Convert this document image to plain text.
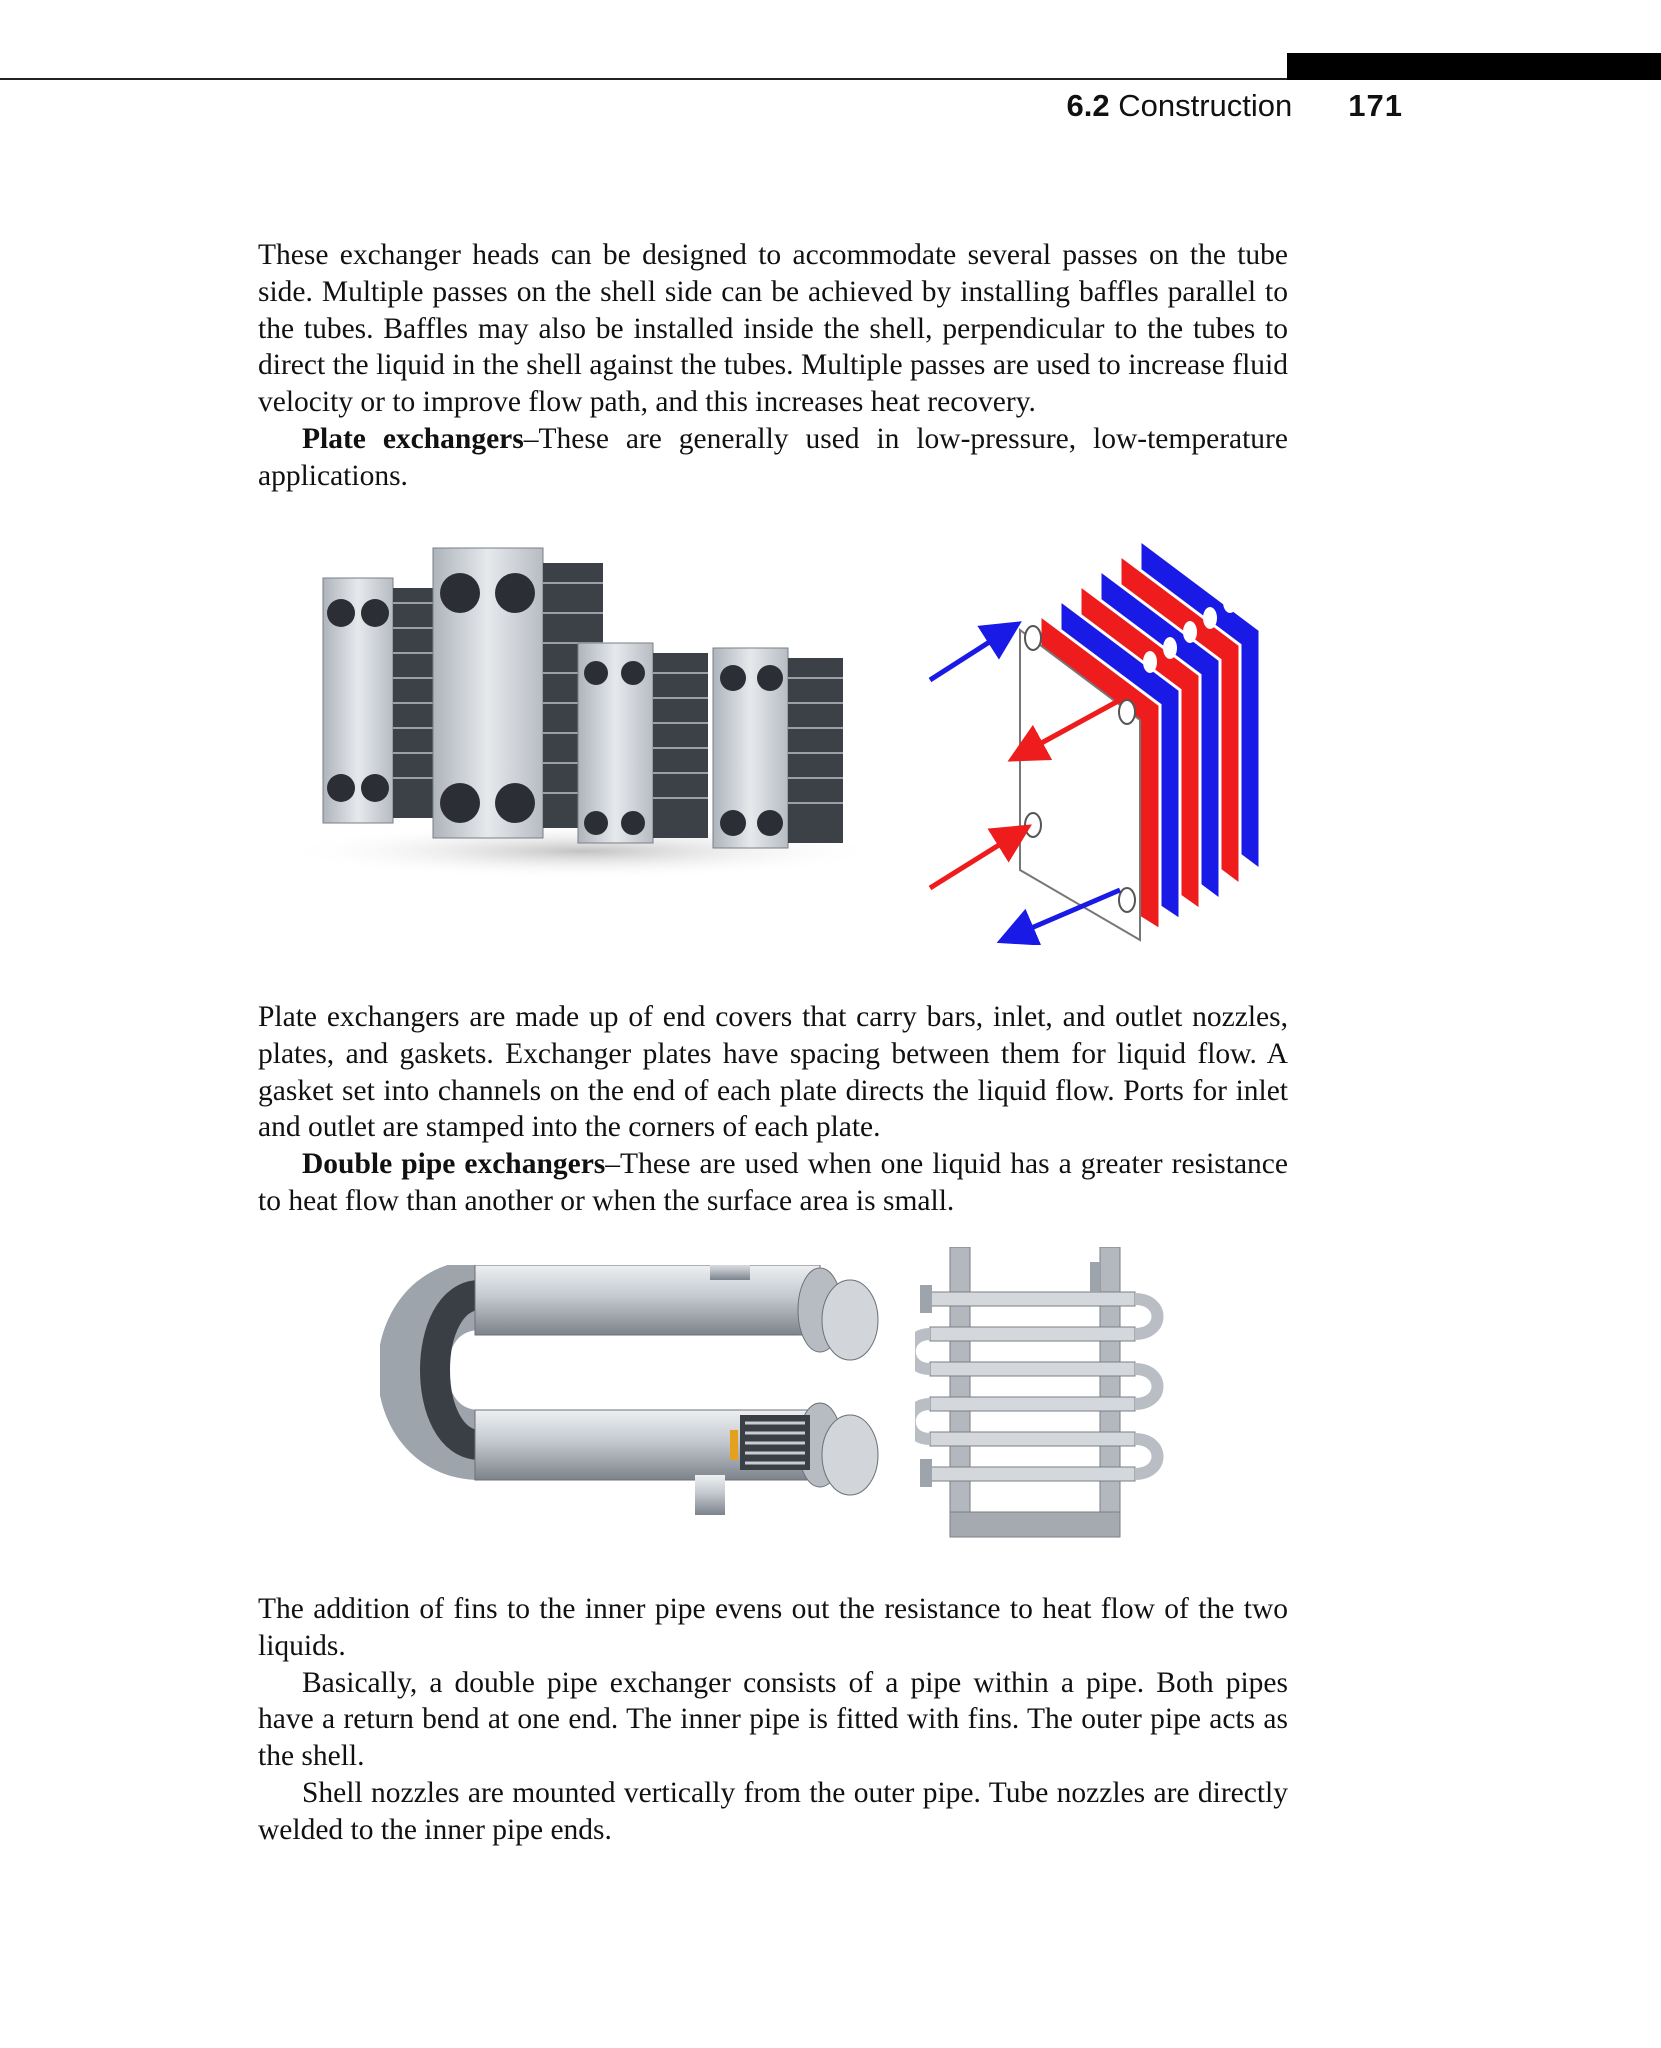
6.2 Construction 171

These exchanger heads can be designed to accommodate several passes on the tube side. Multiple passes on the shell side can be achieved by installing baffles parallel to the tubes. Baffles may also be installed inside the shell, perpendicular to the tubes to direct the liquid in the shell against the tubes. Multiple passes are used to increase fluid velocity or to improve flow path, and this increases heat recovery.

Plate exchangers–These are generally used in low-pressure, low-temperature applications.

Plate exchangers are made up of end covers that carry bars, inlet, and outlet nozzles, plates, and gaskets. Exchanger plates have spacing between them for liquid flow. A gasket set into channels on the end of each plate directs the liquid flow. Ports for inlet and outlet are stamped into the corners of each plate.

Double pipe exchangers–These are used when one liquid has a greater resistance to heat flow than another or when the surface area is small.

The addition of fins to the inner pipe evens out the resistance to heat flow of the two liquids.

Basically, a double pipe exchanger consists of a pipe within a pipe. Both pipes have a return bend at one end. The inner pipe is fitted with fins. The outer pipe acts as the shell.

Shell nozzles are mounted vertically from the outer pipe. Tube nozzles are directly welded to the inner pipe ends.
